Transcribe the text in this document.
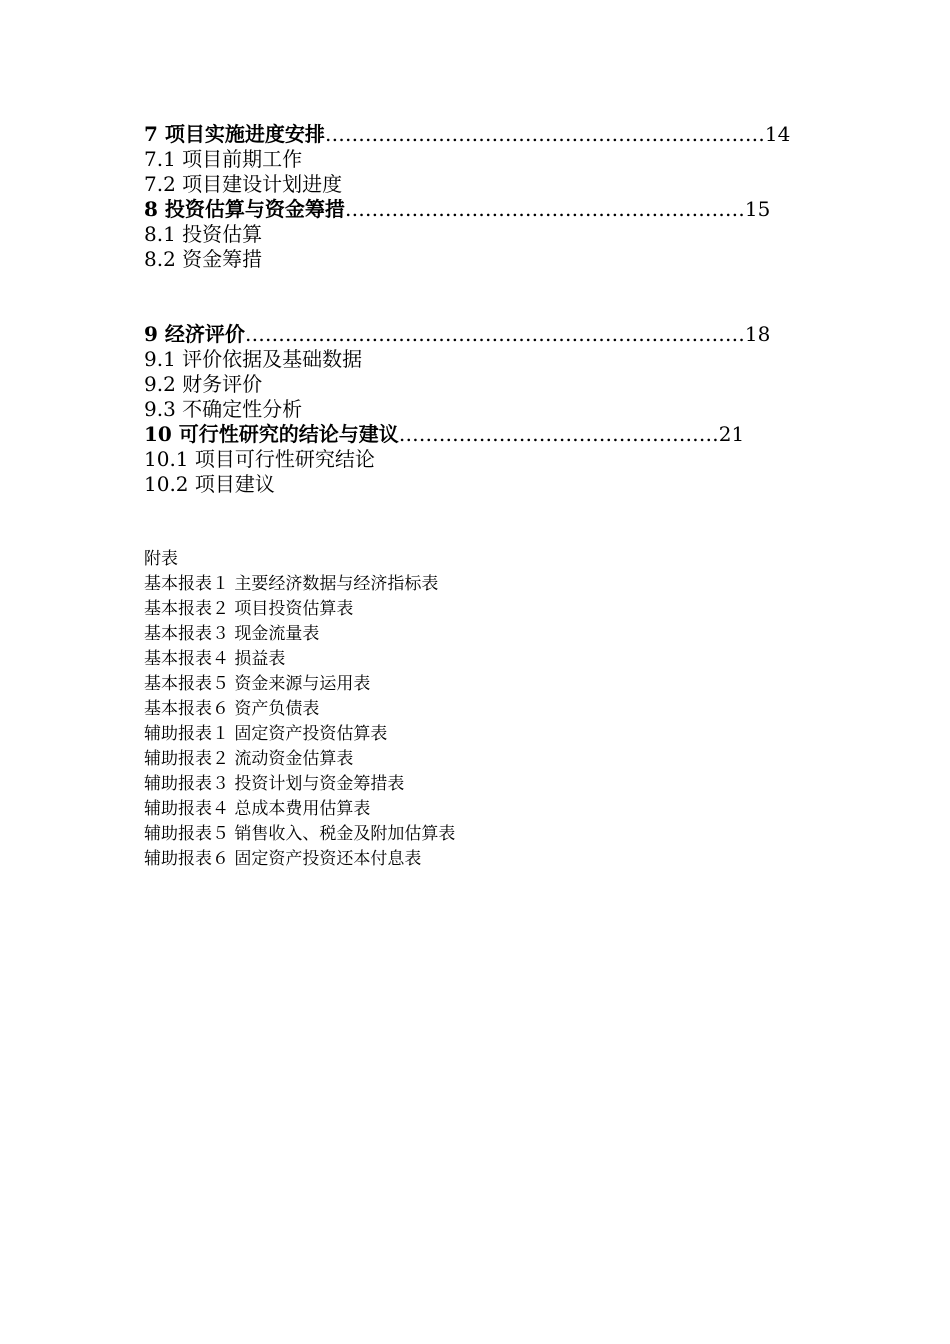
7 项目实施进度安排 ………………………………………………………… 14
7.1 项目前期工作
7.2 项目建设计划进度
8 投资估算与资金筹措 …………………………………………………… 15
8.1 投资估算
8.2 资金筹措
9 经济评价 ………………………………………………………………… 18
9.1 评价依据及基础数据
9.2 财务评价
9.3 不确定性分析
10 可行性研究的结论与建议 ………………………………………… 21
10.1 项目可行性研究结论
10.2 项目建议
附表
基本报表１ 主要经济数据与经济指标表
基本报表２ 项目投资估算表
基本报表３ 现金流量表
基本报表４ 损益表
基本报表５ 资金来源与运用表
基本报表６ 资产负债表
辅助报表１ 固定资产投资估算表
辅助报表２ 流动资金估算表
辅助报表３ 投资计划与资金筹措表
辅助报表４ 总成本费用估算表
辅助报表５ 销售收入、税金及附加估算表
辅助报表６ 固定资产投资还本付息表
